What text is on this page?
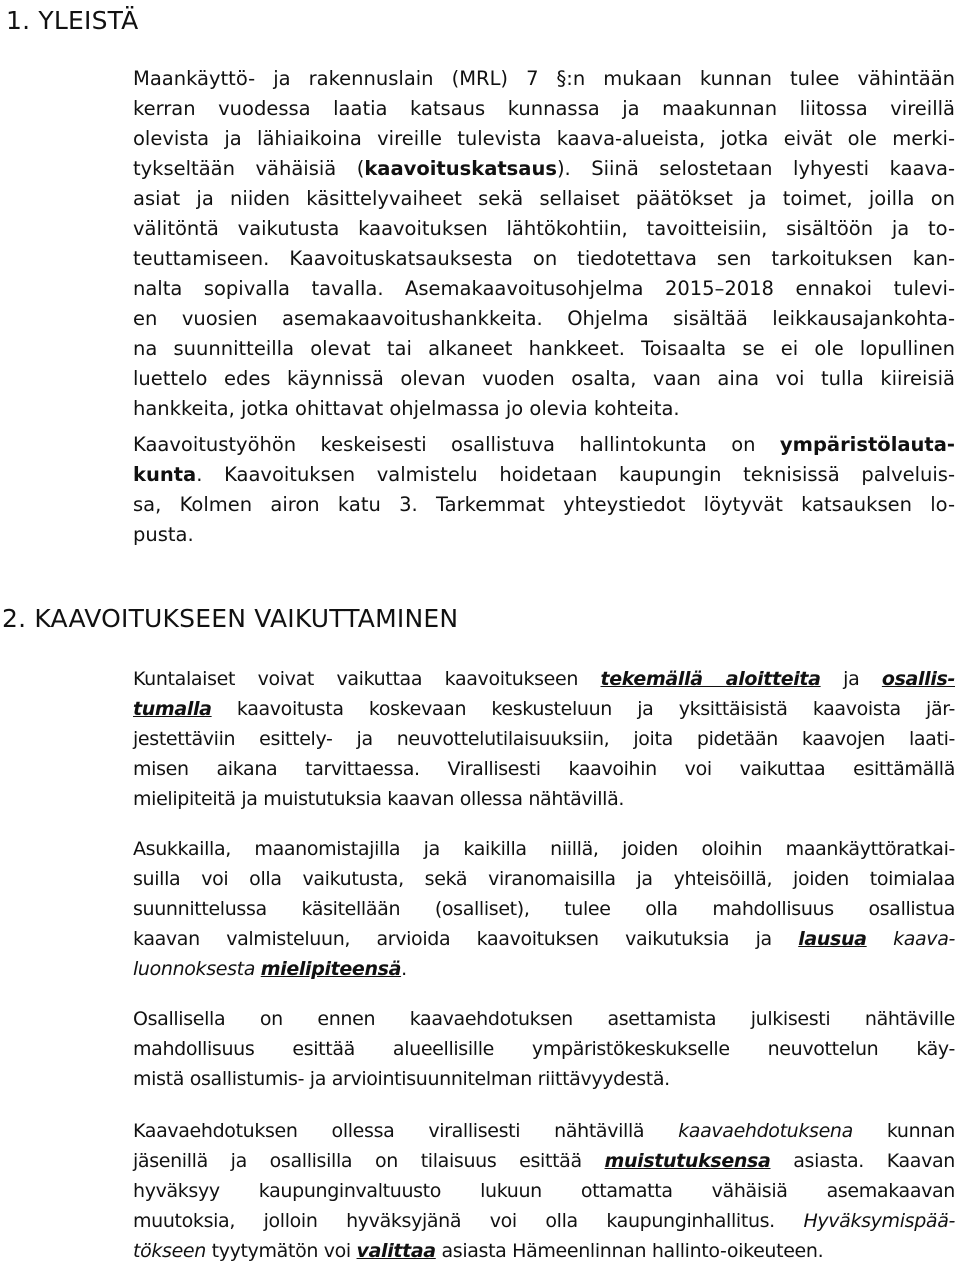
1. YLEISTÄ
Maankäyttö- ja rakennuslain (MRL) 7 §:n mukaan kunnan tulee vähintään
kerran vuodessa laatia katsaus kunnassa ja maakunnan liitossa vireillä
olevista ja lähiaikoina vireille tulevista kaava-alueista, jotka eivät ole merki-
tykseltään vähäisiä (kaavoituskatsaus). Siinä selostetaan lyhyesti kaava-
asiat ja niiden käsittelyvaiheet sekä sellaiset päätökset ja toimet, joilla on
välitöntä vaikutusta kaavoituksen lähtökohtiin, tavoitteisiin, sisältöön ja to-
teuttamiseen. Kaavoituskatsauksesta on tiedotettava sen tarkoituksen kan-
nalta sopivalla tavalla. Asemakaavoitusohjelma 2015–2018 ennakoi tulevi-
en vuosien asemakaavoitushankkeita. Ohjelma sisältää leikkausajankohta-
na suunnitteilla olevat tai alkaneet hankkeet. Toisaalta se ei ole lopullinen
luettelo edes käynnissä olevan vuoden osalta, vaan aina voi tulla kiireisiä
hankkeita, jotka ohittavat ohjelmassa jo olevia kohteita.
Kaavoitustyöhön keskeisesti osallistuva hallintokunta on ympäristölauta-
kunta. Kaavoituksen valmistelu hoidetaan kaupungin teknisissä palveluis-
sa, Kolmen airon katu 3. Tarkemmat yhteystiedot löytyvät katsauksen lo-
pusta.
2. KAAVOITUKSEEN VAIKUTTAMINEN
Kuntalaiset voivat vaikuttaa kaavoitukseen tekemällä aloitteita ja osallis-
tumalla kaavoitusta koskevaan keskusteluun ja yksittäisistä kaavoista jär-
jestettäviin esittely- ja neuvottelutilaisuuksiin, joita pidetään kaavojen laati-
misen aikana tarvittaessa. Virallisesti kaavoihin voi vaikuttaa esittämällä
mielipiteitä ja muistutuksia kaavan ollessa nähtävillä.
Asukkailla, maanomistajilla ja kaikilla niillä, joiden oloihin maankäyttöratkai-
suilla voi olla vaikutusta, sekä viranomaisilla ja yhteisöillä, joiden toimialaa
suunnittelussa käsitellään (osalliset), tulee olla mahdollisuus osallistua
kaavan valmisteluun, arvioida kaavoituksen vaikutuksia ja lausua kaava-
luonnoksesta mielipiteensä.
Osallisella on ennen kaavaehdotuksen asettamista julkisesti nähtäville
mahdollisuus esittää alueellisille ympäristökeskukselle neuvottelun käy-
mistä osallistumis- ja arviointisuunnitelman riittävyydestä.
Kaavaehdotuksen ollessa virallisesti nähtävillä kaavaehdotuksena kunnan
jäsenillä ja osallisilla on tilaisuus esittää muistutuksensa asiasta. Kaavan
hyväksyy kaupunginvaltuusto lukuun ottamatta vähäisiä asemakaavan
muutoksia, jolloin hyväksyjänä voi olla kaupunginhallitus. Hyväksymispää-
tökseen tyytymätön voi valittaa asiasta Hämeenlinnan hallinto-oikeuteen.
